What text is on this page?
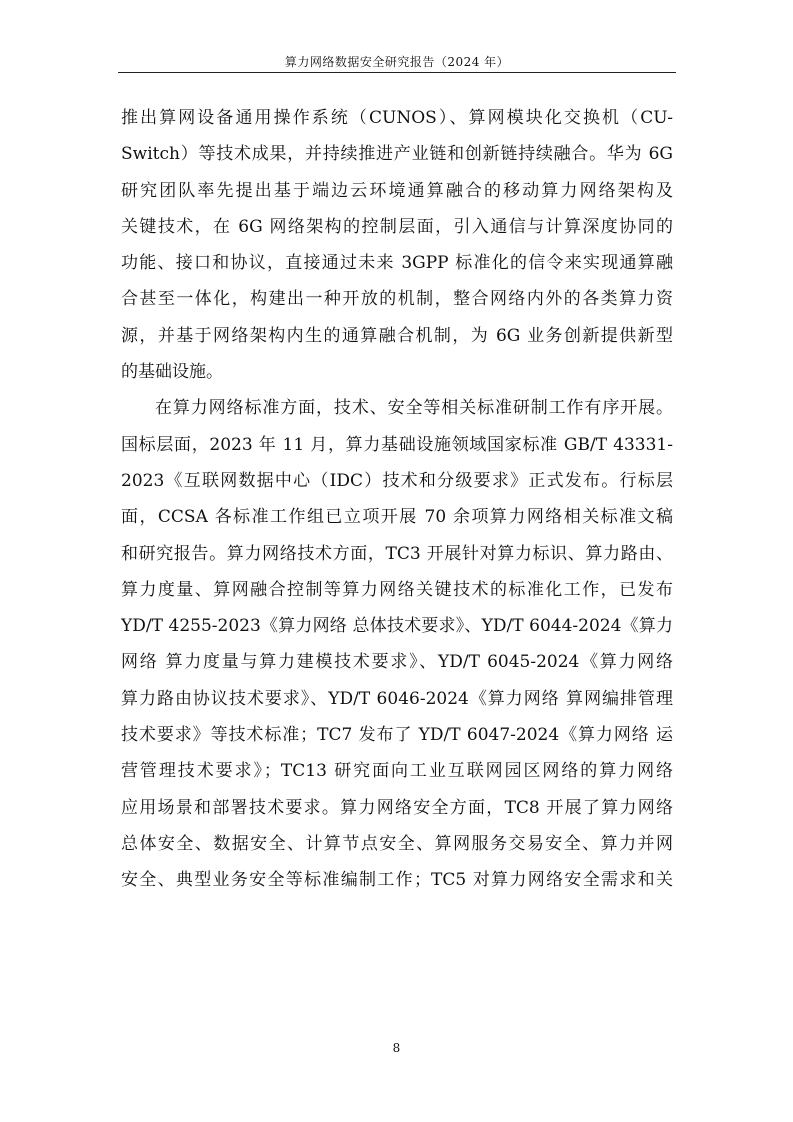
算力网络数据安全研究报告（2024 年）
推出算网设备通用操作系统（CUNOS）、算网模块化交换机（CU-
Switch）等技术成果，并持续推进产业链和创新链持续融合。华为 6G
研究团队率先提出基于端边云环境通算融合的移动算力网络架构及
关键技术，在 6G 网络架构的控制层面，引入通信与计算深度协同的
功能、接口和协议，直接通过未来 3GPP 标准化的信令来实现通算融
合甚至一体化，构建出一种开放的机制，整合网络内外的各类算力资
源，并基于网络架构内生的通算融合机制，为 6G 业务创新提供新型
的基础设施。
在算力网络标准方面，技术、安全等相关标准研制工作有序开展。
国标层面，2023 年 11 月，算力基础设施领域国家标准 GB/T 43331-
2023《互联网数据中心（IDC）技术和分级要求》正式发布。行标层
面，CCSA 各标准工作组已立项开展 70 余项算力网络相关标准文稿
和研究报告。算力网络技术方面，TC3 开展针对算力标识、算力路由、
算力度量、算网融合控制等算力网络关键技术的标准化工作，已发布
YD/T 4255-2023《算力网络 总体技术要求》、YD/T 6044-2024《算力
网络 算力度量与算力建模技术要求》、YD/T 6045-2024《算力网络
算力路由协议技术要求》、YD/T 6046-2024《算力网络 算网编排管理
技术要求》等技术标准；TC7 发布了 YD/T 6047-2024《算力网络 运
营管理技术要求》；TC13 研究面向工业互联网园区网络的算力网络
应用场景和部署技术要求。算力网络安全方面，TC8 开展了算力网络
总体安全、数据安全、计算节点安全、算网服务交易安全、算力并网
安全、典型业务安全等标准编制工作；TC5 对算力网络安全需求和关
8
